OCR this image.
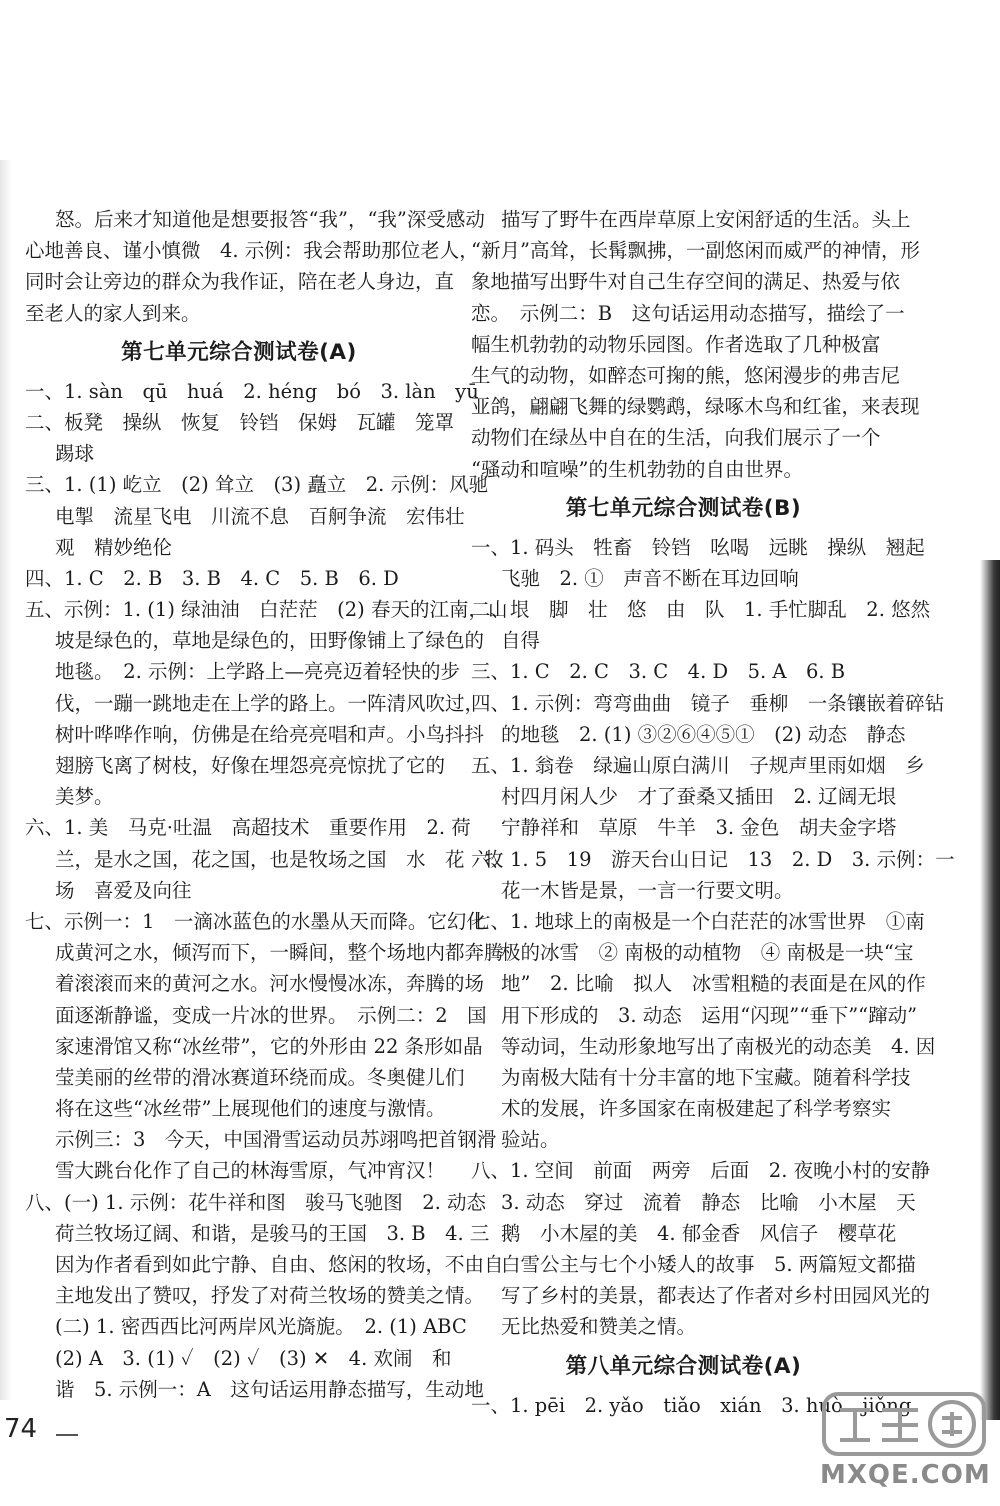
怒。后来才知道他是想要报答“我”，“我”深受感动
心地善良、谨小慎微　4. 示例：我会帮助那位老人，
同时会让旁边的群众为我作证，陪在老人身边，直
至老人的家人到来。
第七单元综合测试卷(A)
一、1. sàn　qū　huá　2. héng　bó　3. làn　yū
二、板凳　操纵　恢复　铃铛　保姆　瓦罐　笼罩
踢球
三、1. (1) 屹立　(2) 耸立　(3) 矗立　2. 示例：风驰
电掣　流星飞电　川流不息　百舸争流　宏伟壮
观　精妙绝伦
四、1. C　2. B　3. B　4. C　5. B　6. D
五、示例：1. (1) 绿油油　白茫茫　(2) 春天的江南，山
坡是绿色的，草地是绿色的，田野像铺上了绿色的
地毯。　2. 示例：上学路上—亮亮迈着轻快的步
伐，一蹦一跳地走在上学的路上。一阵清风吹过，
树叶哗哗作响，仿佛是在给亮亮唱和声。小鸟抖抖
翅膀飞离了树枝，好像在埋怨亮亮惊扰了它的
美梦。
六、1. 美　马克·吐温　高超技术　重要作用　2. 荷
兰，是水之国，花之国，也是牧场之国　水　花　牧
场　喜爱及向往
七、示例一：1　一滴冰蓝色的水墨从天而降。它幻化
成黄河之水，倾泻而下，一瞬间，整个场地内都奔腾
着滚滚而来的黄河之水。河水慢慢冰冻，奔腾的场
面逐渐静谧，变成一片冰的世界。　示例二：2　国
家速滑馆又称“冰丝带”，它的外形由 22 条形如晶
莹美丽的丝带的滑冰赛道环绕而成。冬奥健儿们
将在这些“冰丝带”上展现他们的速度与激情。
示例三：3　今天，中国滑雪运动员苏翊鸣把首钢滑
雪大跳台化作了自己的林海雪原，气冲宵汉！
八、(一) 1. 示例：花牛祥和图　骏马飞驰图　2. 动态
荷兰牧场辽阔、和谐，是骏马的王国　3. B　4. 三
因为作者看到如此宁静、自由、悠闲的牧场，不由自
主地发出了赞叹，抒发了对荷兰牧场的赞美之情。
(二) 1. 密西西比河两岸风光旖旎。　2. (1) ABC
(2) A　3. (1) ✓　(2) ✓　(3) ✕　4. 欢闹　和
谐　5. 示例一：A　这句话运用静态描写，生动地
描写了野牛在西岸草原上安闲舒适的生活。头上
“新月”高耸，长髯飘拂，一副悠闲而威严的神情，形
象地描写出野牛对自己生存空间的满足、热爱与依
恋。　示例二：B　这句话运用动态描写，描绘了一
幅生机勃勃的动物乐园图。作者选取了几种极富
生气的动物，如醉态可掬的熊，悠闲漫步的弗吉尼
亚鸽，翩翩飞舞的绿鹦鹉，绿啄木鸟和红雀，来表现
动物们在绿丛中自在的生活，向我们展示了一个
“骚动和喧噪”的生机勃勃的自由世界。
第七单元综合测试卷(B)
一、1. 码头　牲畜　铃铛　吆喝　远眺　操纵　翘起
飞驰　2. ①　声音不断在耳边回响
二、垠　脚　壮　悠　由　队　1. 手忙脚乱　2. 悠然
自得
三、1. C　2. C　3. C　4. D　5. A　6. B
四、1. 示例：弯弯曲曲　镜子　垂柳　一条镶嵌着碎钻
的地毯　2. (1) ③②⑥④⑤①　(2) 动态　静态
五、1. 翁卷　绿遍山原白满川　子规声里雨如烟　乡
村四月闲人少　才了蚕桑又插田　2. 辽阔无垠
宁静祥和　草原　牛羊　3. 金色　胡夫金字塔
六、1. 5　19　游天台山日记　13　2. D　3. 示例：一
花一木皆是景，一言一行要文明。
七、1. 地球上的南极是一个白茫茫的冰雪世界　①南
极的冰雪　② 南极的动植物　④ 南极是一块“宝
地”　2. 比喻　拟人　冰雪粗糙的表面是在风的作
用下形成的　3. 动态　运用“闪现”“垂下”“蹿动”
等动词，生动形象地写出了南极光的动态美　4. 因
为南极大陆有十分丰富的地下宝藏。随着科学技
术的发展，许多国家在南极建起了科学考察实
验站。
八、1. 空间　前面　两旁　后面　2. 夜晚小村的安静
3. 动态　穿过　流着　静态　比喻　小木屋　天
鹅　小木屋的美　4. 郁金香　风信子　樱草花
白雪公主与七个小矮人的故事　5. 两篇短文都描
写了乡村的美景，都表达了作者对乡村田园风光的
无比热爱和赞美之情。
第八单元综合测试卷(A)
一、1. pēi　2. yǎo　tiǎo　xián　3. huò　jiǒng
74
MXQE.COM
